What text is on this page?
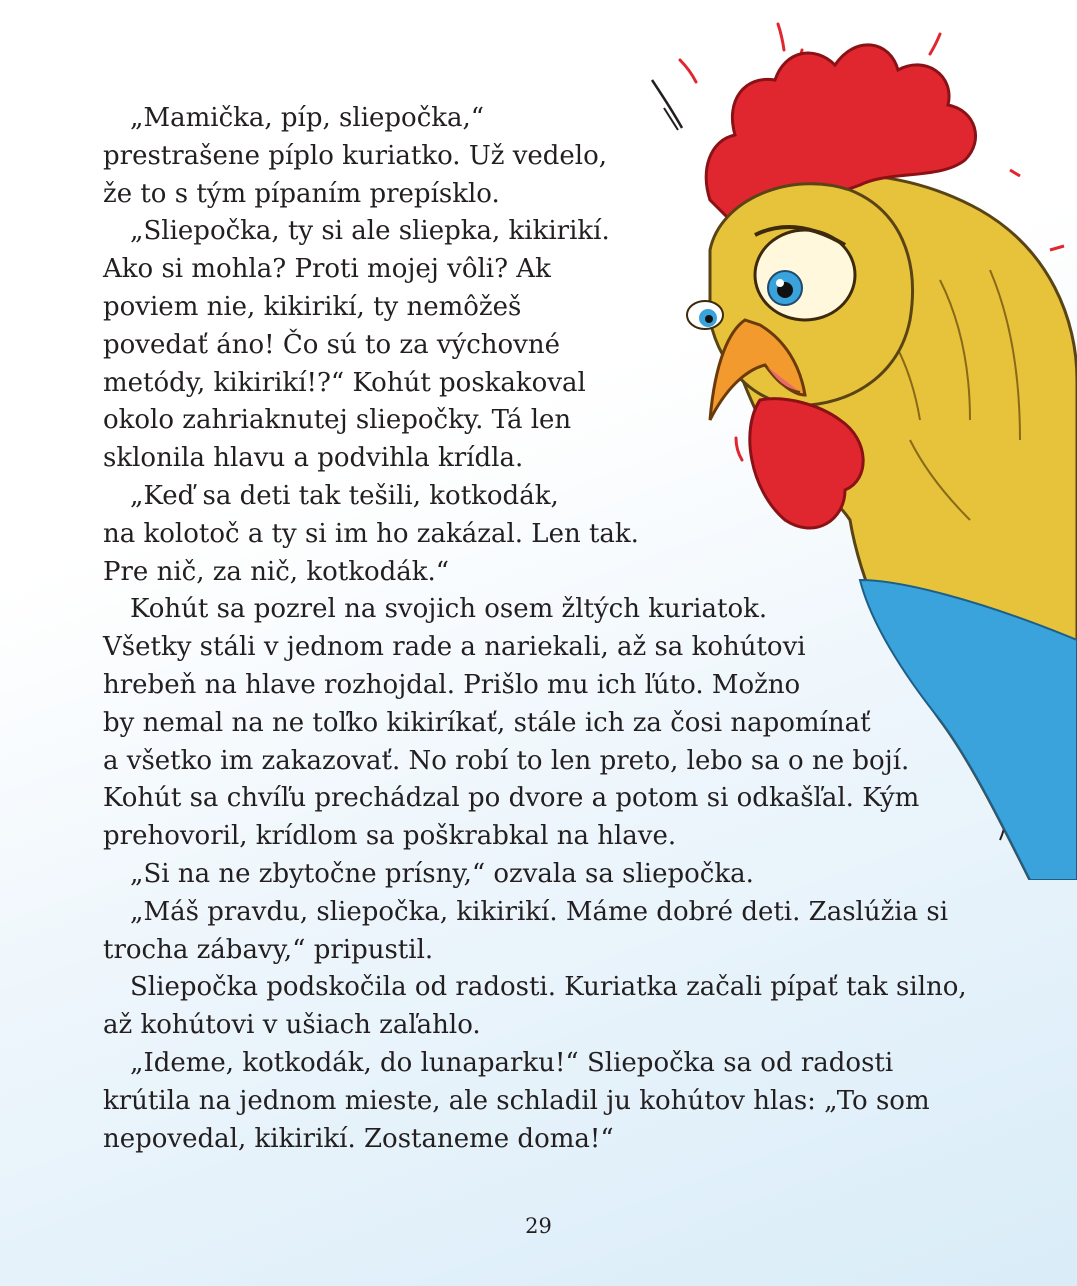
„Mamička, píp, sliepočka,“
prestrašene píplo kuriatko. Už vedelo,
že to s tým pípaním prepísklo.
„Sliepočka, ty si ale sliepka, kikirikí.
Ako si mohla? Proti mojej vôli? Ak
poviem nie, kikirikí, ty nemôžeš
povedať áno! Čo sú to za výchovné
metódy, kikirikí!?“ Kohút poskakoval
okolo zahriaknutej sliepočky. Tá len
sklonila hlavu a podvihla krídla.
„Keď sa deti tak tešili, kotkodák,
na kolotoč a ty si im ho zakázal. Len tak.
Pre nič, za nič, kotkodák.“
Kohút sa pozrel na svojich osem žltých kuriatok.
Všetky stáli v jednom rade a nariekali, až sa kohútovi
hrebeň na hlave rozhojdal. Prišlo mu ich ľúto. Možno
by nemal na ne toľko kikiríkať, stále ich za čosi napomínať
a všetko im zakazovať. No robí to len preto, lebo sa o ne bojí.
Kohút sa chvíľu prechádzal po dvore a potom si odkašľal. Kým
prehovoril, krídlom sa poškrabkal na hlave.
„Si na ne zbytočne prísny,“ ozvala sa sliepočka.
„Máš pravdu, sliepočka, kikirikí. Máme dobré deti. Zaslúžia si
trocha zábavy,“ pripustil.
Sliepočka podskočila od radosti. Kuriatka začali pípať tak silno,
až kohútovi v ušiach zaľahlo.
„Ideme, kotkodák, do lunaparku!“ Sliepočka sa od radosti
krútila na jednom mieste, ale schladil ju kohútov hlas: „To som
nepovedal, kikirikí. Zostaneme doma!“
29
